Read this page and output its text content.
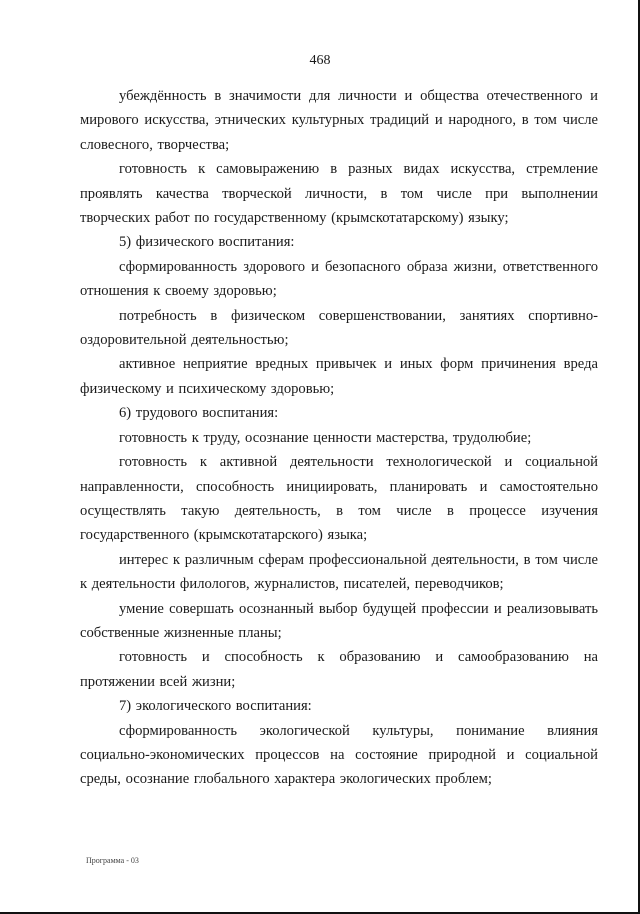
468

убеждённость в значимости для личности и общества отечественного и мирового искусства, этнических культурных традиций и народного, в том числе словесного, творчества;

готовность к самовыражению в разных видах искусства, стремление проявлять качества творческой личности, в том числе при выполнении творческих работ по государственному (крымскотатарскому) языку;

5) физического воспитания:

сформированность здорового и безопасного образа жизни, ответственного отношения к своему здоровью;

потребность в физическом совершенствовании, занятиях спортивно-оздоровительной деятельностью;

активное неприятие вредных привычек и иных форм причинения вреда физическому и психическому здоровью;

6) трудового воспитания:

готовность к труду, осознание ценности мастерства, трудолюбие;

готовность к активной деятельности технологической и социальной направленности, способность инициировать, планировать и самостоятельно осуществлять такую деятельность, в том числе в процессе изучения государственного (крымскотатарского) языка;

интерес к различным сферам профессиональной деятельности, в том числе к деятельности филологов, журналистов, писателей, переводчиков;

умение совершать осознанный выбор будущей профессии и реализовывать собственные жизненные планы;

готовность и способность к образованию и самообразованию на протяжении всей жизни;

7) экологического воспитания:

сформированность экологической культуры, понимание влияния социально-экономических процессов на состояние природной и социальной среды, осознание глобального характера экологических проблем;

Программа - 03
